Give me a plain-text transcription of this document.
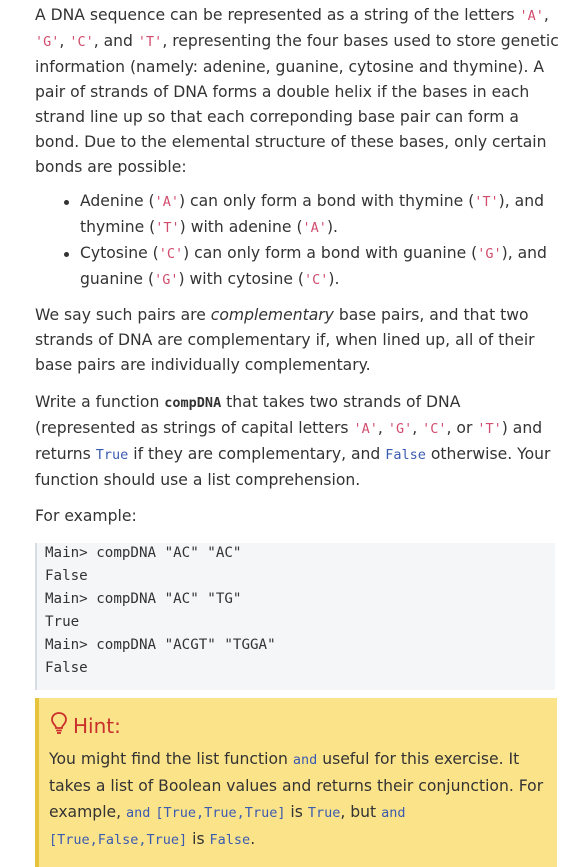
A DNA sequence can be represented as a string of the letters 'A', 'G', 'C', and 'T', representing the four bases used to store genetic information (namely: adenine, guanine, cytosine and thymine). A pair of strands of DNA forms a double helix if the bases in each strand line up so that each correponding base pair can form a bond. Due to the elemental structure of these bases, only certain bonds are possible:

Adenine ('A') can only form a bond with thymine ('T'), and thymine ('T') with adenine ('A').
Cytosine ('C') can only form a bond with guanine ('G'), and guanine ('G') with cytosine ('C').

We say such pairs are complementary base pairs, and that two strands of DNA are complementary if, when lined up, all of their base pairs are individually complementary.

Write a function compDNA that takes two strands of DNA (represented as strings of capital letters 'A', 'G', 'C', or 'T') and returns True if they are complementary, and False otherwise. Your function should use a list comprehension.

For example:

Main> compDNA "AC" "AC"
False
Main> compDNA "AC" "TG"
True
Main> compDNA "ACGT" "TGGA"
False
Hint:
You might find the list function and useful for this exercise. It takes a list of Boolean values and returns their conjunction. For example, and [True,True,True] is True, but and [True,False,True] is False.
